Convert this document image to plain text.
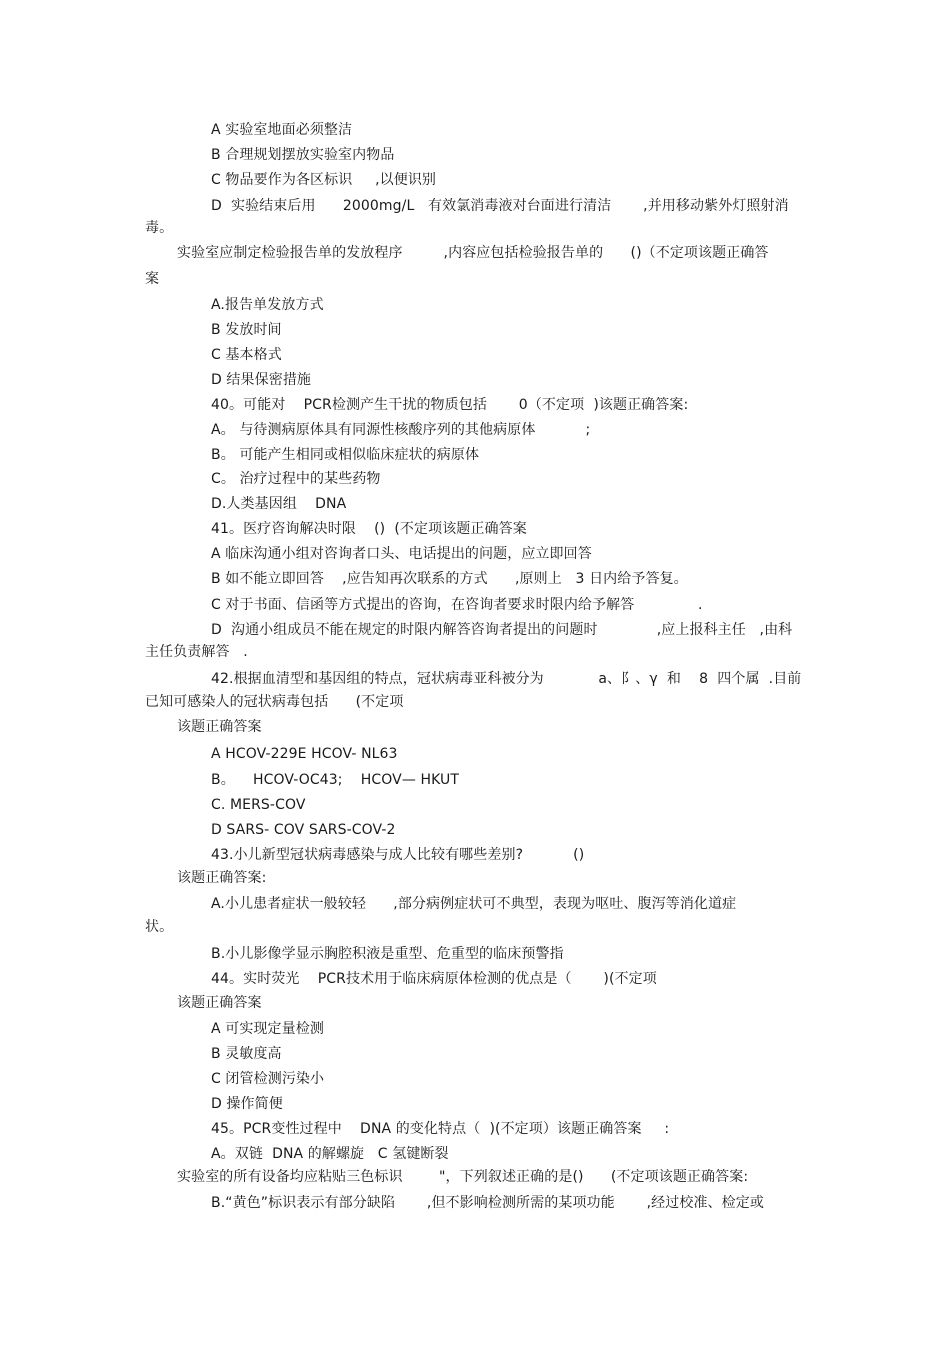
A 实验室地面必须整洁
B 合理规划摆放实验室内物品
C 物品要作为各区标识     ,以便识别
D  实验结束后用      2000mg/L   有效氯消毒液对台面进行清洁       ,并用移动紫外灯照射消
毒。
实验室应制定检验报告单的发放程序         ,内容应包括检验报告单的      ()（不定项该题正确答
案
A.报告单发放方式
B 发放时间
C 基本格式
D 结果保密措施
40。可能对    PCR检测产生干扰的物质包括       0（不定项  )该题正确答案:
A。 与待测病原体具有同源性核酸序列的其他病原体           ;
B。 可能产生相同或相似临床症状的病原体
C。 治疗过程中的某些药物
D.人类基因组    DNA
41。医疗咨询解决时限    ()  (不定项该题正确答案
A 临床沟通小组对咨询者口头、电话提出的问题，应立即回答
B 如不能立即回答    ,应告知再次联系的方式      ,原则上   3 日内给予答复。
C 对于书面、信函等方式提出的咨询，在咨询者要求时限内给予解答              .
D  沟通小组成员不能在规定的时限内解答咨询者提出的问题时             ,应上报科主任   ,由科
主任负责解答   .
42.根据血清型和基因组的特点，冠状病毒亚科被分为            a、阝、γ  和    8  四个属  .目前
已知可感染人的冠状病毒包括      (不定项
该题正确答案
A HCOV-229E HCOV- NL63
B。    HCOV-OC43;    HCOV— HKUT
C. MERS-COV
D SARS- COV SARS-COV-2
43.小儿新型冠状病毒感染与成人比较有哪些差别?           ()
该题正确答案:
A.小儿患者症状一般较轻      ,部分病例症状可不典型，表现为呕吐、腹泻等消化道症
状。
B.小儿影像学显示胸腔积液是重型、危重型的临床预警指
44。实时荧光    PCR技术用于临床病原体检测的优点是（       )(不定项
该题正确答案
A 可实现定量检测
B 灵敏度高
C 闭管检测污染小
D 操作简便
45。PCR变性过程中    DNA 的变化特点（  )(不定项）该题正确答案     :
A。双链  DNA 的解螺旋   C 氢键断裂
实验室的所有设备均应粘贴三色标识        "，下列叙述正确的是()      (不定项该题正确答案:
B.“黄色”标识表示有部分缺陷       ,但不影响检测所需的某项功能       ,经过校准、检定或
